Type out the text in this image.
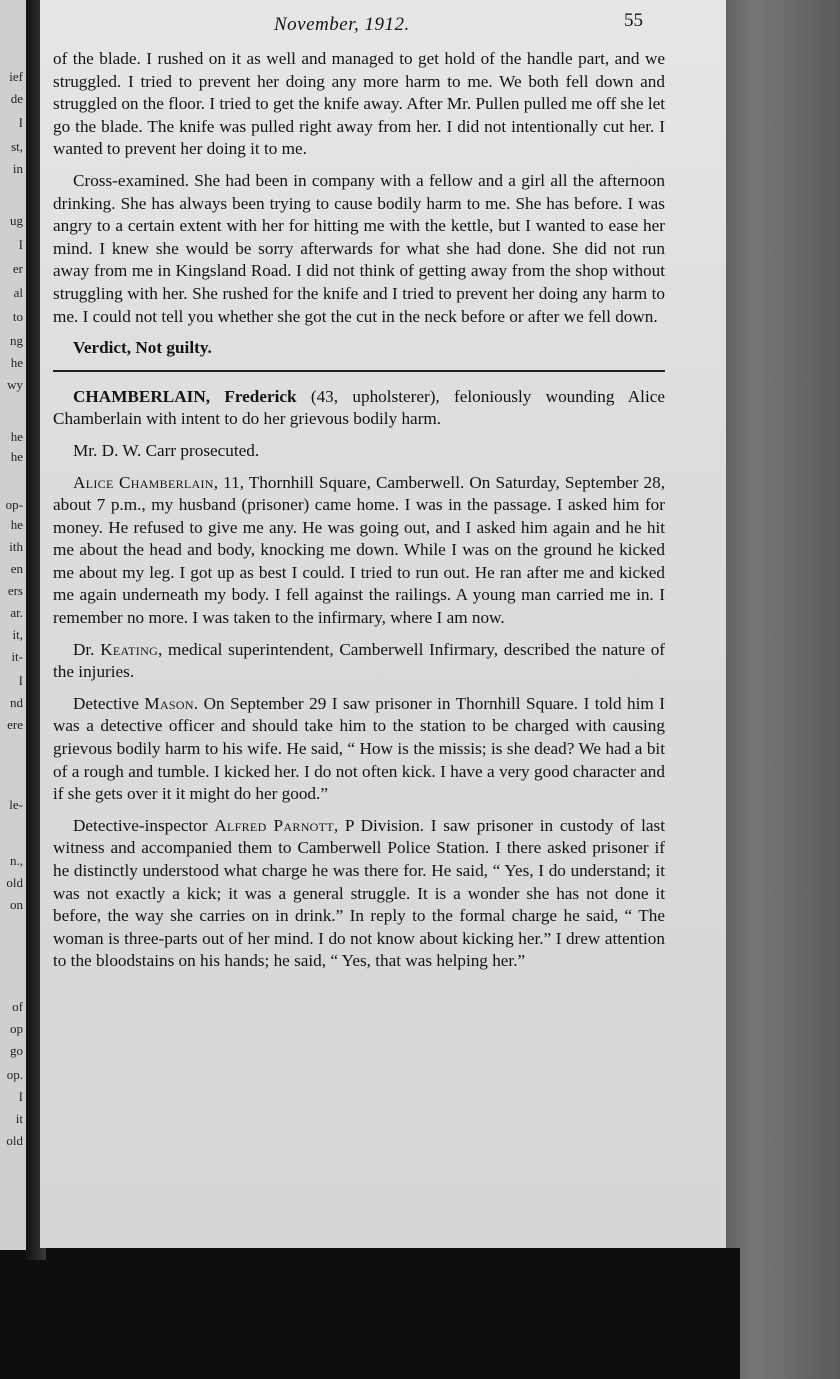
ief
de
I
st,
in
ug
I
er
al
to
ng
he
wy
he
he
op-
he
ith
en
ers
ar.
it,
it-
I
nd
ere
le-
n.,
old
on
of
op
go
op.
I
it
old
November, 1912.	55

of the blade. I rushed on it as well and managed to get hold of the handle part, and we struggled. I tried to prevent her doing any more harm to me. We both fell down and struggled on the floor. I tried to get the knife away. After Mr. Pullen pulled me off she let go the blade. The knife was pulled right away from her. I did not intentionally cut her. I wanted to prevent her doing it to me.

Cross-examined. She had been in company with a fellow and a girl all the afternoon drinking. She has always been trying to cause bodily harm to me. She has before. I was angry to a certain extent with her for hitting me with the kettle, but I wanted to ease her mind. I knew she would be sorry afterwards for what she had done. She did not run away from me in Kingsland Road. I did not think of getting away from the shop without struggling with her. She rushed for the knife and I tried to prevent her doing any harm to me. I could not tell you whether she got the cut in the neck before or after we fell down.

Verdict, Not guilty.

CHAMBERLAIN, Frederick (43, upholsterer), feloniously wounding Alice Chamberlain with intent to do her grievous bodily harm.

Mr. D. W. Carr prosecuted.

Alice Chamberlain, 11, Thornhill Square, Camberwell. On Saturday, September 28, about 7 p.m., my husband (prisoner) came home. I was in the passage. I asked him for money. He refused to give me any. He was going out, and I asked him again and he hit me about the head and body, knocking me down. While I was on the ground he kicked me about my leg. I got up as best I could. I tried to run out. He ran after me and kicked me again underneath my body. I fell against the railings. A young man carried me in. I remember no more. I was taken to the infirmary, where I am now.

Dr. Keating, medical superintendent, Camberwell Infirmary, described the nature of the injuries.

Detective Mason. On September 29 I saw prisoner in Thornhill Square. I told him I was a detective officer and should take him to the station to be charged with causing grievous bodily harm to his wife. He said, “ How is the missis; is she dead? We had a bit of a rough and tumble. I kicked her. I do not often kick. I have a very good character and if she gets over it it might do her good.”

Detective-inspector Alfred Parnott, P Division. I saw prisoner in custody of last witness and accompanied them to Camberwell Police Station. I there asked prisoner if he distinctly understood what charge he was there for. He said, “ Yes, I do understand; it was not exactly a kick; it was a general struggle. It is a wonder she has not done it before, the way she carries on in drink.” In reply to the formal charge he said, “ The woman is three-parts out of her mind. I do not know about kicking her.” I drew attention to the bloodstains on his hands; he said, “ Yes, that was helping her.”
